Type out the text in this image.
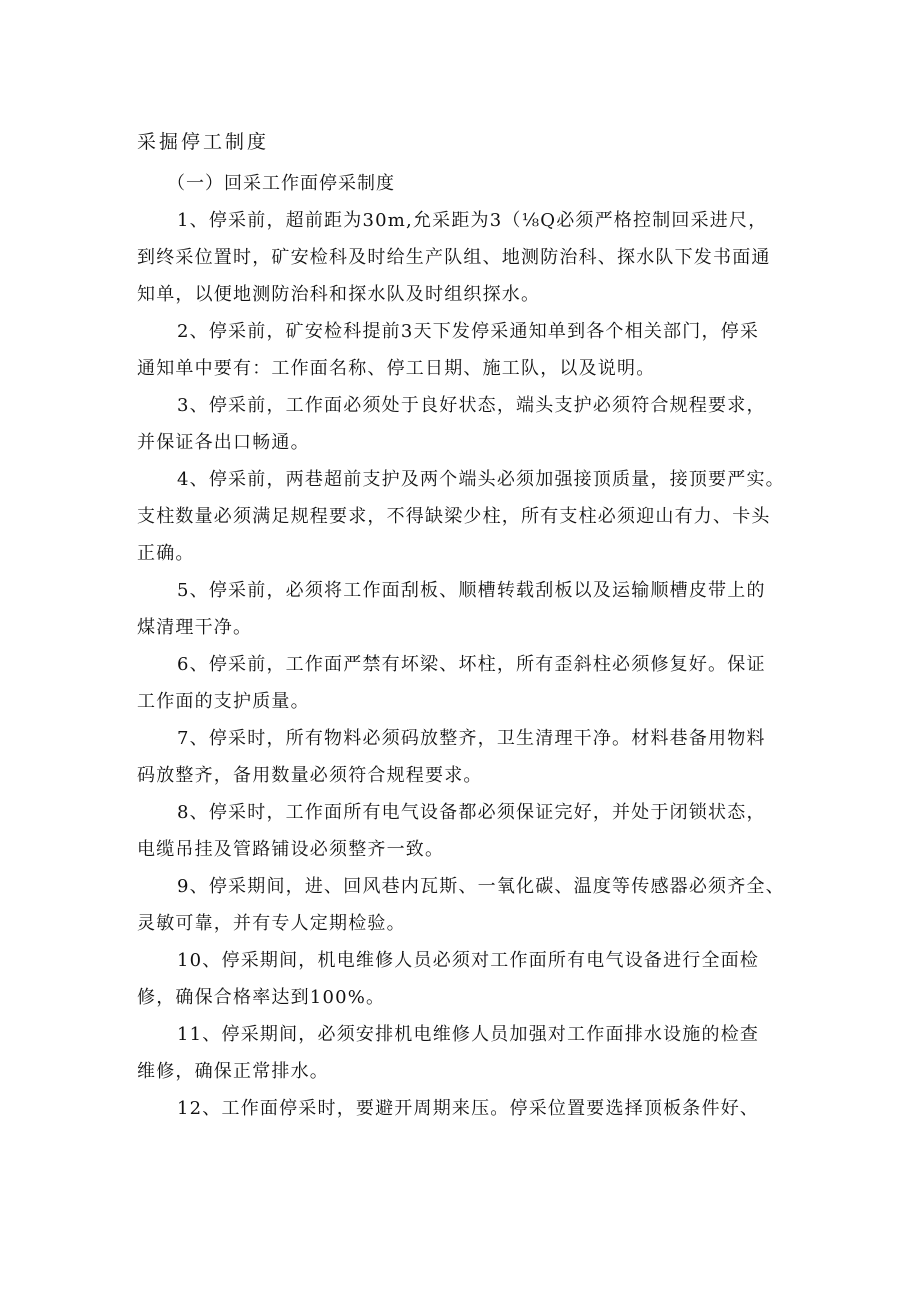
采掘停工制度
（一）回采工作面停采制度
1、停采前，超前距为30m,允采距为3（⅛Q必须严格控制回采进尺，
到终采位置时，矿安检科及时给生产队组、地测防治科、探水队下发书面通
知单，以便地测防治科和探水队及时组织探水。
2、停采前，矿安检科提前3天下发停采通知单到各个相关部门，停采
通知单中要有：工作面名称、停工日期、施工队，以及说明。
3、停采前，工作面必须处于良好状态，端头支护必须符合规程要求，
并保证各出口畅通。
4、停采前，两巷超前支护及两个端头必须加强接顶质量，接顶要严实。
支柱数量必须满足规程要求，不得缺梁少柱，所有支柱必须迎山有力、卡头
正确。
5、停采前，必须将工作面刮板、顺槽转载刮板以及运输顺槽皮带上的
煤清理干净。
6、停采前，工作面严禁有坏梁、坏柱，所有歪斜柱必须修复好。保证
工作面的支护质量。
7、停采时，所有物料必须码放整齐，卫生清理干净。材料巷备用物料
码放整齐，备用数量必须符合规程要求。
8、停采时，工作面所有电气设备都必须保证完好，并处于闭锁状态，
电缆吊挂及管路铺设必须整齐一致。
9、停采期间，进、回风巷内瓦斯、一氧化碳、温度等传感器必须齐全、
灵敏可靠，并有专人定期检验。
10、停采期间，机电维修人员必须对工作面所有电气设备进行全面检
修，确保合格率达到100%。
11、停采期间，必须安排机电维修人员加强对工作面排水设施的检查
维修，确保正常排水。
12、工作面停采时，要避开周期来压。停采位置要选择顶板条件好、
